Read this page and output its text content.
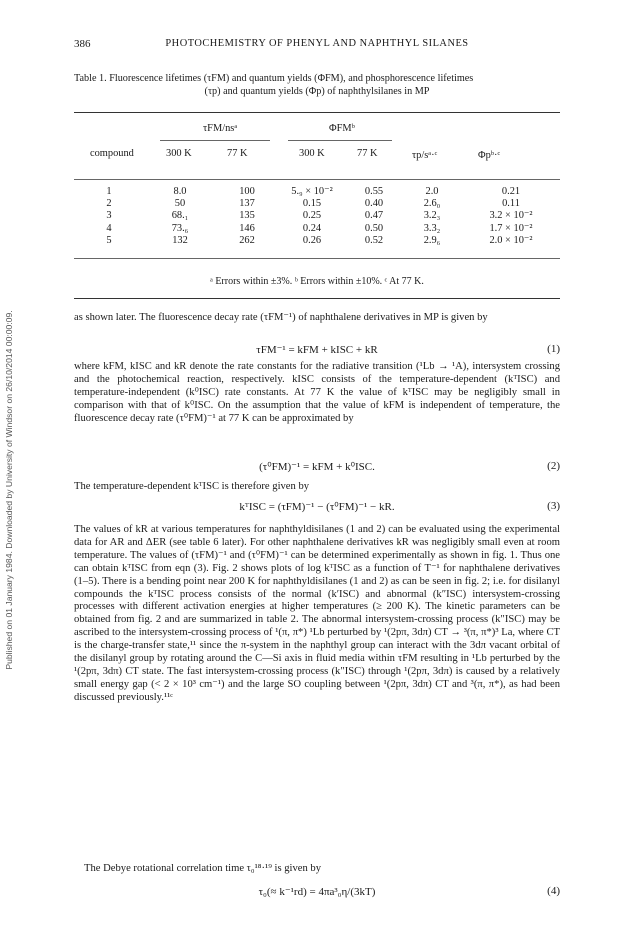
Published on 01 January 1984. Downloaded by University of Windsor on 26/10/2014 00:00:09.
386	PHOTOCHEMISTRY OF PHENYL AND NAPHTHYL SILANES
Table 1. Fluorescence lifetimes (τFM) and quantum yields (ΦFM), and phosphorescence lifetimes
(τp) and quantum yields (Φp) of naphthylsilanes in MP
τFM/nsᵃ	ΦFMᵇ
compound	300 K	77 K	300 K	77 K	τp/sᵃ·ᶜ	Φpᵇ·ᶜ
1	8.0	100	5.₉ × 10⁻²	0.55	2.0	0.21
2	50	137	0.15	0.40	2.6₀	0.11
3	68.₁	135	0.25	0.47	3.2₃	3.2 × 10⁻²
4	73.₆	146	0.24	0.50	3.3₂	1.7 × 10⁻²
5	132	262	0.26	0.52	2.9₆	2.0 × 10⁻²
ᵃ Errors within ±3%. ᵇ Errors within ±10%. ᶜ At 77 K.
as shown later. The fluorescence decay rate (τFM⁻¹) of naphthalene derivatives in MP is given by
τFM⁻¹ = kFM + kISC + kR	(1)
where kFM, kISC and kR denote the rate constants for the radiative transition (¹Lb → ¹A), intersystem crossing and the photochemical reaction, respectively. kISC consists of the temperature-dependent (kᵀISC) and temperature-independent (k⁰ISC) rate constants. At 77 K the value of kᵀISC may be negligibly small in comparison with that of k⁰ISC. On the assumption that the value of kFM is independent of temperature, the fluorescence decay rate (τ⁰FM)⁻¹ at 77 K can be approximated by
(τ⁰FM)⁻¹ = kFM + k⁰ISC.	(2)
The temperature-dependent kᵀISC is therefore given by
kᵀISC = (τFM)⁻¹ − (τ⁰FM)⁻¹ − kR.	(3)
The values of kR at various temperatures for naphthyldisilanes (1 and 2) can be evaluated using the experimental data for AR and ΔER (see table 6 later). For other naphthalene derivatives kR was negligibly small even at room temperature. The values of (τFM)⁻¹ and (τ⁰FM)⁻¹ can be determined experimentally as shown in fig. 1. Thus one can obtain kᵀISC from eqn (3). Fig. 2 shows plots of log kᵀISC as a function of T⁻¹ for naphthalene derivatives (1–5). There is a bending point near 200 K for naphthyldisilanes (1 and 2) as can be seen in fig. 2; i.e. for disilanyl compounds the kᵀISC process consists of the normal (k′ISC) and abnormal (k″ISC) intersystem-crossing processes with different activation energies at higher temperatures (≥ 200 K). The kinetic parameters can be obtained from fig. 2 and are summarized in table 2. The abnormal intersystem-crossing process (k″ISC) may be ascribed to the intersystem-crossing process of ¹(π, π*) ¹Lb perturbed by ¹(2pπ, 3dπ) CT → ³(π, π*)³ La, where CT is the charge-transfer state,¹¹ since the π-system in the naphthyl group can interact with the 3dπ vacant orbital of the disilanyl group by rotating around the C—Si axis in fluid media within τFM resulting in ¹Lb perturbed by the ¹(2pπ, 3dπ) CT state. The fast intersystem-crossing process (k″ISC) through ¹(2pπ, 3dπ) is caused by a relatively small energy gap (< 2 × 10³ cm⁻¹) and the large SO coupling between ¹(2pπ, 3dπ) CT and ³(π, π*), as had been discussed previously.¹¹ᶜ
The Debye rotational correlation time τ₀¹⁸·¹⁹ is given by
τ₀(≈ k⁻¹rd) = 4πa³₀η/(3kT)	(4)
